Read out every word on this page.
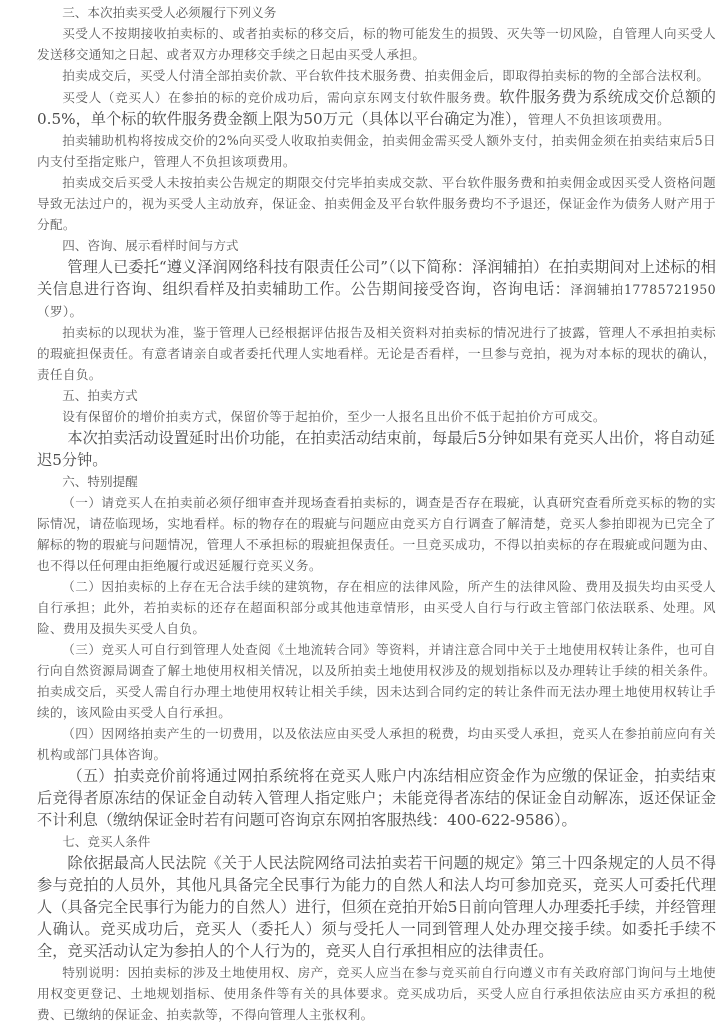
三、本次拍卖买受人必须履行下列义务

买受人不按期接收拍卖标的、或者拍卖标的移交后，标的物可能发生的损毁、灭失等一切风险，自管理人向买受人发送移交通知之日起、或者双方办理移交手续之日起由买受人承担。

拍卖成交后，买受人付清全部拍卖价款、平台软件技术服务费、拍卖佣金后，即取得拍卖标的物的全部合法权利。

买受人（竞买人）在参拍的标的竞价成功后，需向京东网支付软件服务费。软件服务费为系统成交价总额的0.5%，单个标的软件服务费金额上限为50万元（具体以平台确定为准），管理人不负担该项费用。

拍卖辅助机构将按成交价的2%向买受人收取拍卖佣金，拍卖佣金需买受人额外支付，拍卖佣金须在拍卖结束后5日内支付至指定账户，管理人不负担该项费用。

拍卖成交后买受人未按拍卖公告规定的期限交付完毕拍卖成交款、平台软件服务费和拍卖佣金或因买受人资格问题导致无法过户的，视为买受人主动放弃，保证金、拍卖佣金及平台软件服务费均不予退还，保证金作为债务人财产用于分配。

四、咨询、展示看样时间与方式

管理人已委托“遵义泽润网络科技有限责任公司”（以下简称：泽润辅拍）在拍卖期间对上述标的相关信息进行咨询、组织看样及拍卖辅助工作。公告期间接受咨询，咨询电话：泽润辅拍17785721950（罗）。

拍卖标的以现状为准，鉴于管理人已经根据评估报告及相关资料对拍卖标的情况进行了披露，管理人不承担拍卖标的瑕疵担保责任。有意者请亲自或者委托代理人实地看样。无论是否看样，一旦参与竞拍，视为对本标的现状的确认，责任自负。

五、拍卖方式

设有保留价的增价拍卖方式，保留价等于起拍价，至少一人报名且出价不低于起拍价方可成交。

本次拍卖活动设置延时出价功能，在拍卖活动结束前，每最后5分钟如果有竞买人出价，将自动延迟5分钟。

六、特别提醒

（一）请竞买人在拍卖前必须仔细审查并现场查看拍卖标的，调查是否存在瑕疵，认真研究查看所竞买标的物的实际情况，请莅临现场，实地看样。标的物存在的瑕疵与问题应由竞买方自行调查了解清楚，竞买人参拍即视为已完全了解标的物的瑕疵与问题情况，管理人不承担标的瑕疵担保责任。一旦竞买成功，不得以拍卖标的存在瑕疵或问题为由、也不得以任何理由拒绝履行或迟延履行竞买义务。

（二）因拍卖标的上存在无合法手续的建筑物，存在相应的法律风险，所产生的法律风险、费用及损失均由买受人自行承担；此外，若拍卖标的还存在超面积部分或其他违章情形，由买受人自行与行政主管部门依法联系、处理。风险、费用及损失买受人自负。

（三）竞买人可自行到管理人处查阅《土地流转合同》等资料，并请注意合同中关于土地使用权转让条件，也可自行向自然资源局调查了解土地使用权相关情况，以及所拍卖土地使用权涉及的规划指标以及办理转让手续的相关条件。拍卖成交后，买受人需自行办理土地使用权转让相关手续，因未达到合同约定的转让条件而无法办理土地使用权转让手续的，该风险由买受人自行承担。

（四）因网络拍卖产生的一切费用，以及依法应由买受人承担的税费，均由买受人承担，竞买人在参拍前应向有关机构或部门具体咨询。

（五）拍卖竞价前将通过网拍系统将在竞买人账户内冻结相应资金作为应缴的保证金，拍卖结束后竞得者原冻结的保证金自动转入管理人指定账户；未能竞得者冻结的保证金自动解冻，返还保证金不计利息（缴纳保证金时若有问题可咨询京东网拍客服热线：400-622-9586）。

七、竞买人条件

除依据最高人民法院《关于人民法院网络司法拍卖若干问题的规定》第三十四条规定的人员不得参与竞拍的人员外，其他凡具备完全民事行为能力的自然人和法人均可参加竞买，竞买人可委托代理人（具备完全民事行为能力的自然人）进行，但须在竞拍开始5日前向管理人办理委托手续，并经管理人确认。竞买成功后，竞买人（委托人）须与受托人一同到管理人处办理交接手续。如委托手续不全，竞买活动认定为参拍人的个人行为的，竞买人自行承担相应的法律责任。

特别说明：因拍卖标的涉及土地使用权、房产，竞买人应当在参与竞买前自行向遵义市有关政府部门询问与土地使用权变更登记、土地规划指标、使用条件等有关的具体要求。竞买成功后，买受人应自行承担依法应由买方承担的税费、已缴纳的保证金、拍卖款等，不得向管理人主张权利。
